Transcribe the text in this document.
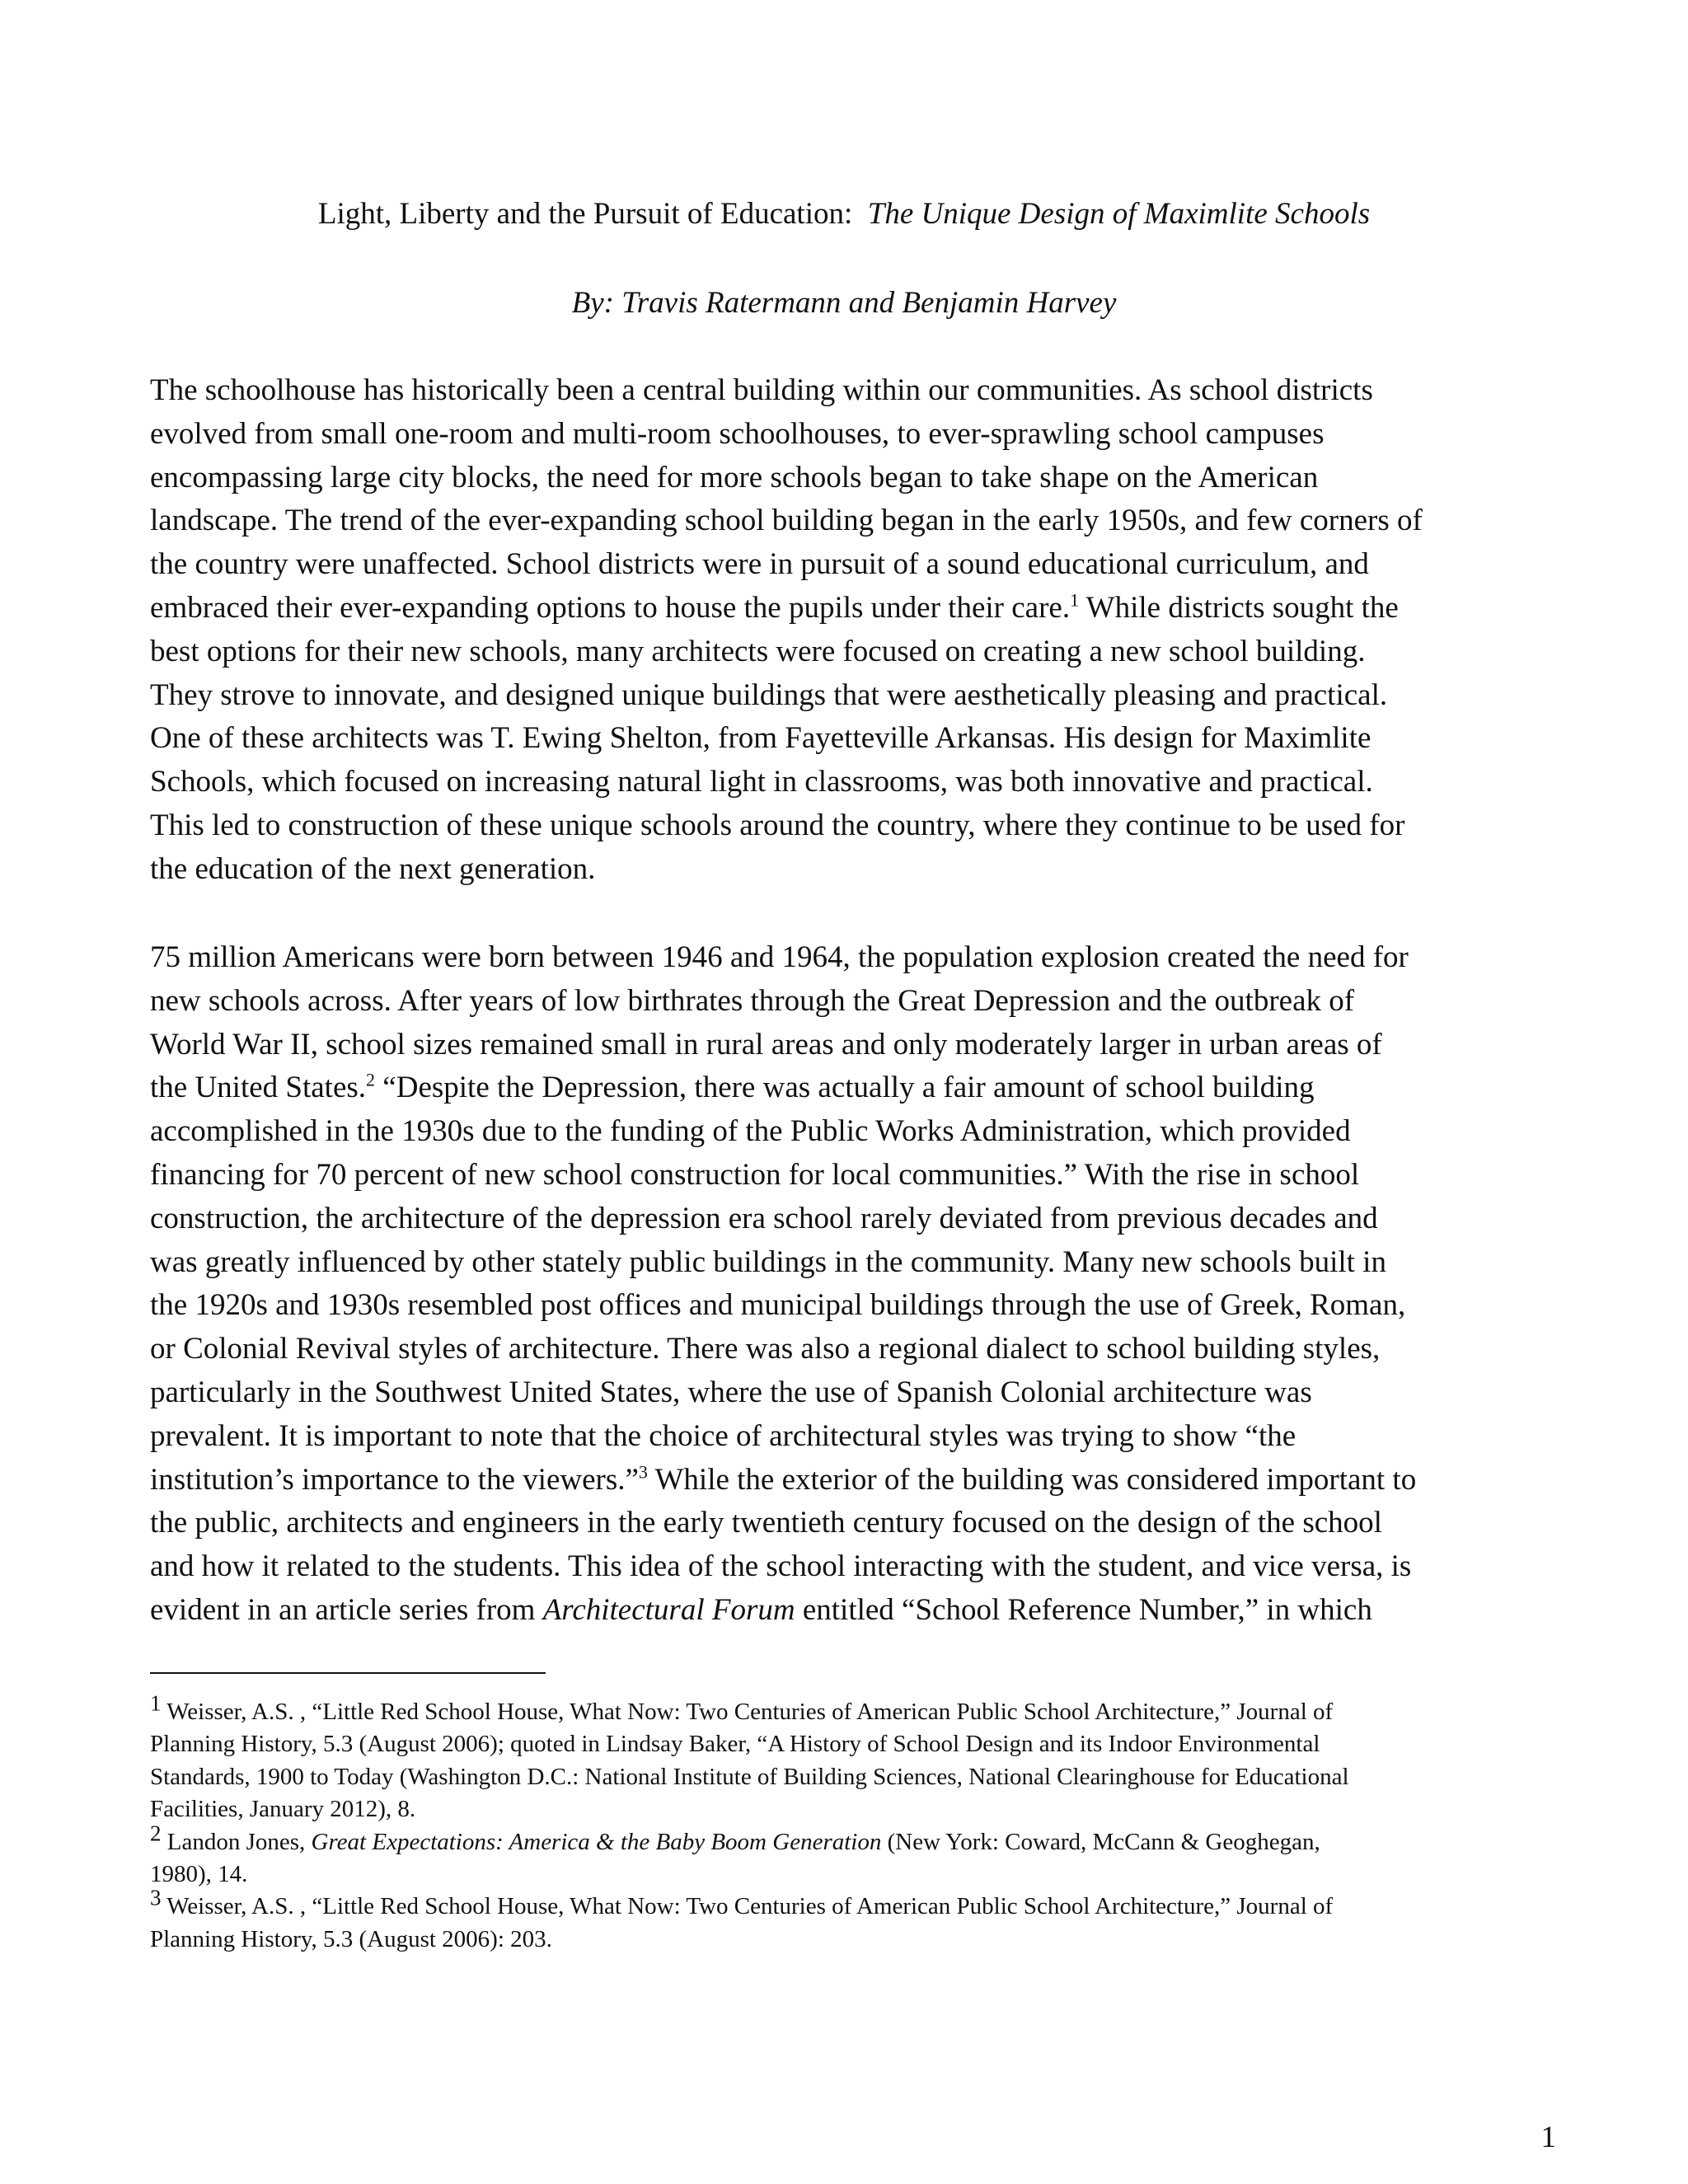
Light, Liberty and the Pursuit of Education: The Unique Design of Maximlite Schools
By: Travis Ratermann and Benjamin Harvey
The schoolhouse has historically been a central building within our communities. As school districts
evolved from small one-room and multi-room schoolhouses, to ever-sprawling school campuses
encompassing large city blocks, the need for more schools began to take shape on the American
landscape. The trend of the ever-expanding school building began in the early 1950s, and few corners of
the country were unaffected. School districts were in pursuit of a sound educational curriculum, and
embraced their ever-expanding options to house the pupils under their care.$^1$ While districts sought the
best options for their new schools, many architects were focused on creating a new school building.
They strove to innovate, and designed unique buildings that were aesthetically pleasing and practical.
One of these architects was T. Ewing Shelton, from Fayetteville Arkansas. His design for Maximlite
Schools, which focused on increasing natural light in classrooms, was both innovative and practical.
This led to construction of these unique schools around the country, where they continue to be used for
the education of the next generation.
75 million Americans were born between 1946 and 1964, the population explosion created the need for
new schools across. After years of low birthrates through the Great Depression and the outbreak of
World War II, school sizes remained small in rural areas and only moderately larger in urban areas of
the United States.$^2$ “Despite the Depression, there was actually a fair amount of school building
accomplished in the 1930s due to the funding of the Public Works Administration, which provided
financing for 70 percent of new school construction for local communities.” With the rise in school
construction, the architecture of the depression era school rarely deviated from previous decades and
was greatly influenced by other stately public buildings in the community. Many new schools built in
the 1920s and 1930s resembled post offices and municipal buildings through the use of Greek, Roman,
or Colonial Revival styles of architecture. There was also a regional dialect to school building styles,
particularly in the Southwest United States, where the use of Spanish Colonial architecture was
prevalent. It is important to note that the choice of architectural styles was trying to show “the
institution’s importance to the viewers.”$^3$ While the exterior of the building was considered important to
the public, architects and engineers in the early twentieth century focused on the design of the school
and how it related to the students. This idea of the school interacting with the student, and vice versa, is
evident in an article series from Architectural Forum entitled “School Reference Number,” in which
1 Weisser, A.S. , “Little Red School House, What Now: Two Centuries of American Public School Architecture,” Journal of
Planning History, 5.3 (August 2006); quoted in Lindsay Baker, “A History of School Design and its Indoor Environmental
Standards, 1900 to Today (Washington D.C.: National Institute of Building Sciences, National Clearinghouse for Educational
Facilities, January 2012), 8.
2 Landon Jones, Great Expectations: America & the Baby Boom Generation (New York: Coward, McCann & Geoghegan,
1980), 14.
3 Weisser, A.S. , “Little Red School House, What Now: Two Centuries of American Public School Architecture,” Journal of
Planning History, 5.3 (August 2006): 203.
1
